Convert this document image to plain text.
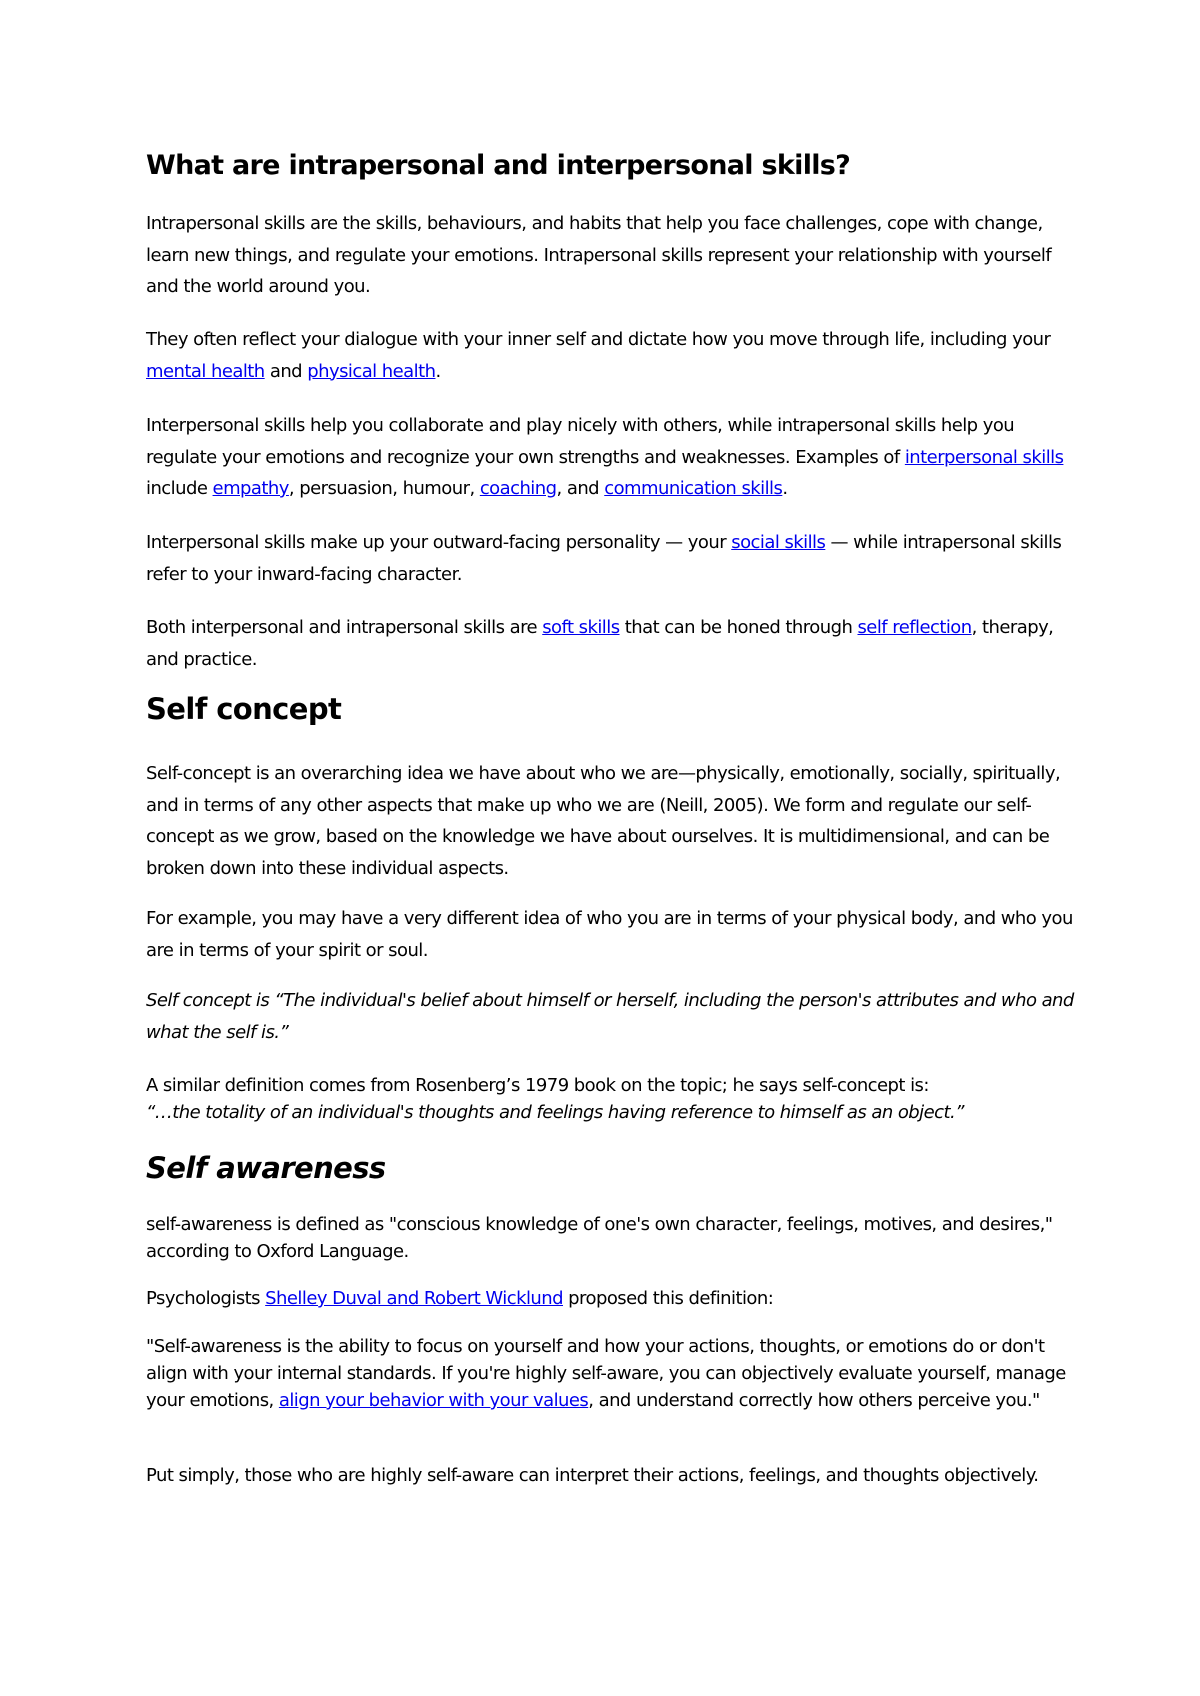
What are intrapersonal and interpersonal skills?

Intrapersonal skills are the skills, behaviours, and habits that help you face challenges, cope with change, learn new things, and regulate your emotions. Intrapersonal skills represent your relationship with yourself and the world around you.

They often reflect your dialogue with your inner self and dictate how you move through life, including your mental health and physical health.

Interpersonal skills help you collaborate and play nicely with others, while intrapersonal skills help you regulate your emotions and recognize your own strengths and weaknesses. Examples of interpersonal skills include empathy, persuasion, humour, coaching, and communication skills.

Interpersonal skills make up your outward-facing personality — your social skills — while intrapersonal skills refer to your inward-facing character.

Both interpersonal and intrapersonal skills are soft skills that can be honed through self reflection, therapy, and practice.

Self concept

Self-concept is an overarching idea we have about who we are—physically, emotionally, socially, spiritually, and in terms of any other aspects that make up who we are (Neill, 2005). We form and regulate our self-concept as we grow, based on the knowledge we have about ourselves. It is multidimensional, and can be broken down into these individual aspects.

For example, you may have a very different idea of who you are in terms of your physical body, and who you are in terms of your spirit or soul.

Self concept is “The individual's belief about himself or herself, including the person's attributes and who and what the self is.”

A similar definition comes from Rosenberg’s 1979 book on the topic; he says self-concept is:
“…the totality of an individual's thoughts and feelings having reference to himself as an object.”

Self awareness

self-awareness is defined as "conscious knowledge of one's own character, feelings, motives, and desires," according to Oxford Language.

Psychologists Shelley Duval and Robert Wicklund proposed this definition:

"Self-awareness is the ability to focus on yourself and how your actions, thoughts, or emotions do or don't align with your internal standards. If you're highly self-aware, you can objectively evaluate yourself, manage your emotions, align your behavior with your values, and understand correctly how others perceive you."

Put simply, those who are highly self-aware can interpret their actions, feelings, and thoughts objectively.
